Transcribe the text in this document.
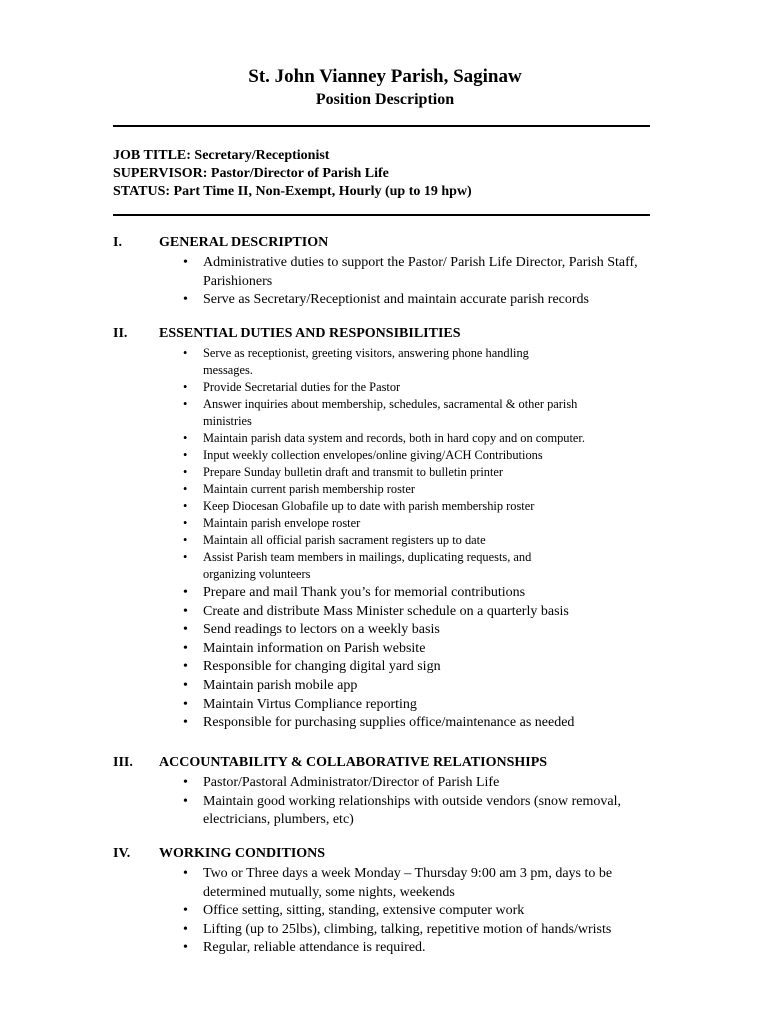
St. John Vianney Parish, Saginaw
Position Description
JOB TITLE: Secretary/Receptionist
SUPERVISOR: Pastor/Director of Parish Life
STATUS: Part Time II, Non-Exempt, Hourly (up to 19 hpw)
I.	GENERAL DESCRIPTION
• Administrative duties to support the Pastor/ Parish Life Director, Parish Staff, Parishioners
• Serve as Secretary/Receptionist and maintain accurate parish records
II. ESSENTIAL DUTIES AND RESPONSIBILITIES
• Serve as receptionist, greeting visitors, answering phone handling messages.
• Provide Secretarial duties for the Pastor
• Answer inquiries about membership, schedules, sacramental & other parish ministries
• Maintain parish data system and records, both in hard copy and on computer.
• Input weekly collection envelopes/online giving/ACH Contributions
• Prepare Sunday bulletin draft and transmit to bulletin printer
• Maintain current parish membership roster
• Keep Diocesan Globafile up to date with parish membership roster
• Maintain parish envelope roster
• Maintain all official parish sacrament registers up to date
• Assist Parish team members in mailings, duplicating requests, and organizing volunteers
• Prepare and mail Thank you’s for memorial contributions
• Create and distribute Mass Minister schedule on a quarterly basis
• Send readings to lectors on a weekly basis
• Maintain information on Parish website
• Responsible for changing digital yard sign
• Maintain parish mobile app
• Maintain Virtus Compliance reporting
• Responsible for purchasing supplies office/maintenance as needed
III. ACCOUNTABILITY & COLLABORATIVE RELATIONSHIPS
• Pastor/Pastoral Administrator/Director of Parish Life
• Maintain good working relationships with outside vendors (snow removal, electricians, plumbers, etc)
IV. WORKING CONDITIONS
• Two or Three days a week Monday – Thursday 9:00 am 3 pm, days to be determined mutually, some nights, weekends
• Office setting, sitting, standing, extensive computer work
• Lifting (up to 25lbs), climbing, talking, repetitive motion of hands/wrists
• Regular, reliable attendance is required.
